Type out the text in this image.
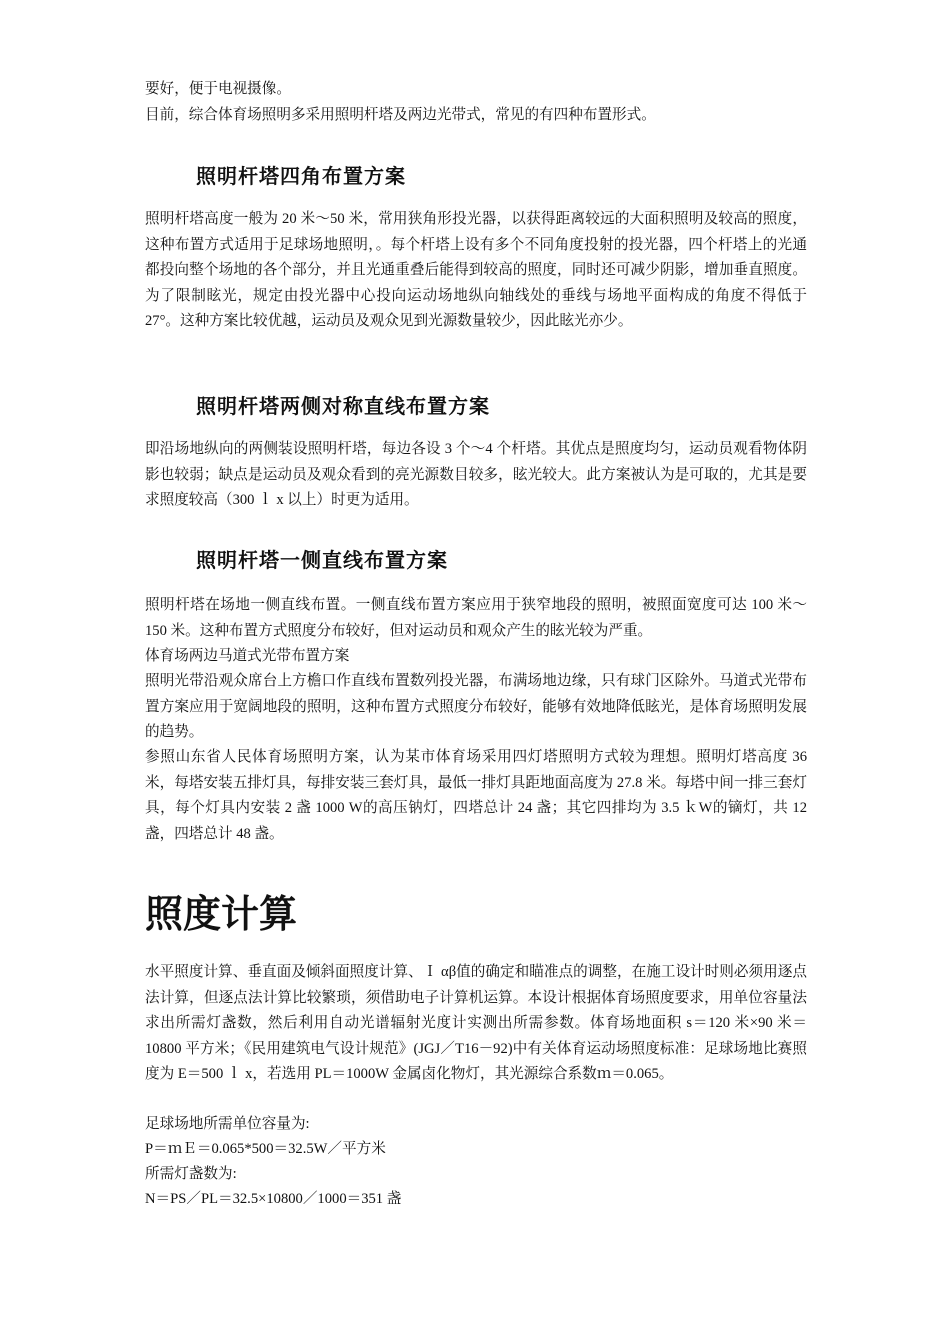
要好，便于电视摄像。

目前，综合体育场照明多采用照明杆塔及两边光带式，常见的有四种布置形式。

照明杆塔四角布置方案

照明杆塔高度一般为 20 米～50 米，常用狭角形投光器，以获得距离较远的大面积照明及较高的照度，这种布置方式适用于足球场地照明，。每个杆塔上设有多个不同角度投射的投光器，四个杆塔上的光通都投向整个场地的各个部分，并且光通重叠后能得到较高的照度，同时还可减少阴影，增加垂直照度。为了限制眩光，规定由投光器中心投向运动场地纵向轴线处的垂线与场地平面构成的角度不得低于 27°。这种方案比较优越，运动员及观众见到光源数量较少，因此眩光亦少。

照明杆塔两侧对称直线布置方案

即沿场地纵向的两侧装设照明杆塔，每边各设 3 个～4 个杆塔。其优点是照度均匀，运动员观看物体阴影也较弱；缺点是运动员及观众看到的亮光源数目较多，眩光较大。此方案被认为是可取的，尤其是要求照度较高（300 ｌ x 以上）时更为适用。

照明杆塔一侧直线布置方案

照明杆塔在场地一侧直线布置。一侧直线布置方案应用于狭窄地段的照明，被照面宽度可达 100 米～150 米。这种布置方式照度分布较好，但对运动员和观众产生的眩光较为严重。

体育场两边马道式光带布置方案

照明光带沿观众席台上方檐口作直线布置数列投光器，布满场地边缘，只有球门区除外。马道式光带布置方案应用于宽阔地段的照明，这种布置方式照度分布较好，能够有效地降低眩光，是体育场照明发展的趋势。

参照山东省人民体育场照明方案，认为某市体育场采用四灯塔照明方式较为理想。照明灯塔高度 36 米，每塔安装五排灯具，每排安装三套灯具，最低一排灯具距地面高度为 27.8 米。每塔中间一排三套灯具，每个灯具内安装 2 盏 1000 W的高压钠灯，四塔总计 24 盏；其它四排均为 3.5 ｋW的镝灯，共 12 盏，四塔总计 48 盏。

照度计算

水平照度计算、垂直面及倾斜面照度计算、Ｉ αβ值的确定和瞄准点的调整，在施工设计时则必须用逐点法计算，但逐点法计算比较繁琐，须借助电子计算机运算。本设计根据体育场照度要求，用单位容量法求出所需灯盏数，然后利用自动光谱辐射光度计实测出所需参数。体育场地面积 s＝120 米×90 米＝10800 平方米；《民用建筑电气设计规范》(JGJ／T16－92)中有关体育运动场照度标准：足球场地比赛照度为 E＝500 ｌ x，若选用 PL＝1000W 金属卤化物灯，其光源综合系数ｍ＝0.065。

足球场地所需单位容量为:

P＝ｍＥ＝0.065*500＝32.5W／平方米

所需灯盏数为:

N＝PS／PL＝32.5×10800／1000＝351 盏
